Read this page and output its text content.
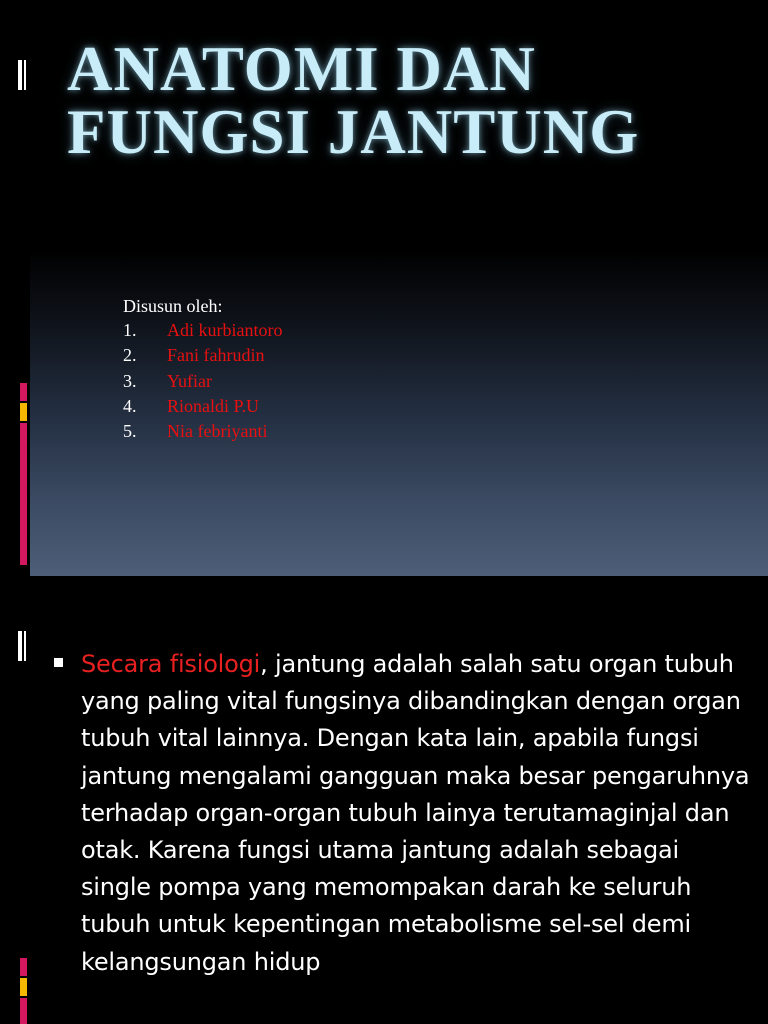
ANATOMI DAN
FUNGSI JANTUNG
Disusun oleh:
1.	Adi kurbiantoro
2.	Fani fahrudin
3.	Yufiar
4.	Rionaldi P.U
5.	Nia febriyanti

Secara fisiologi, jantung adalah salah satu organ tubuh yang paling vital fungsinya dibandingkan dengan organ tubuh vital lainnya. Dengan kata lain, apabila fungsi jantung mengalami gangguan maka besar pengaruhnya terhadap organ-organ tubuh lainya terutamaginjal dan otak. Karena fungsi utama jantung adalah sebagai single pompa yang memompakan darah ke seluruh tubuh untuk kepentingan metabolisme sel-sel demi kelangsungan hidup
